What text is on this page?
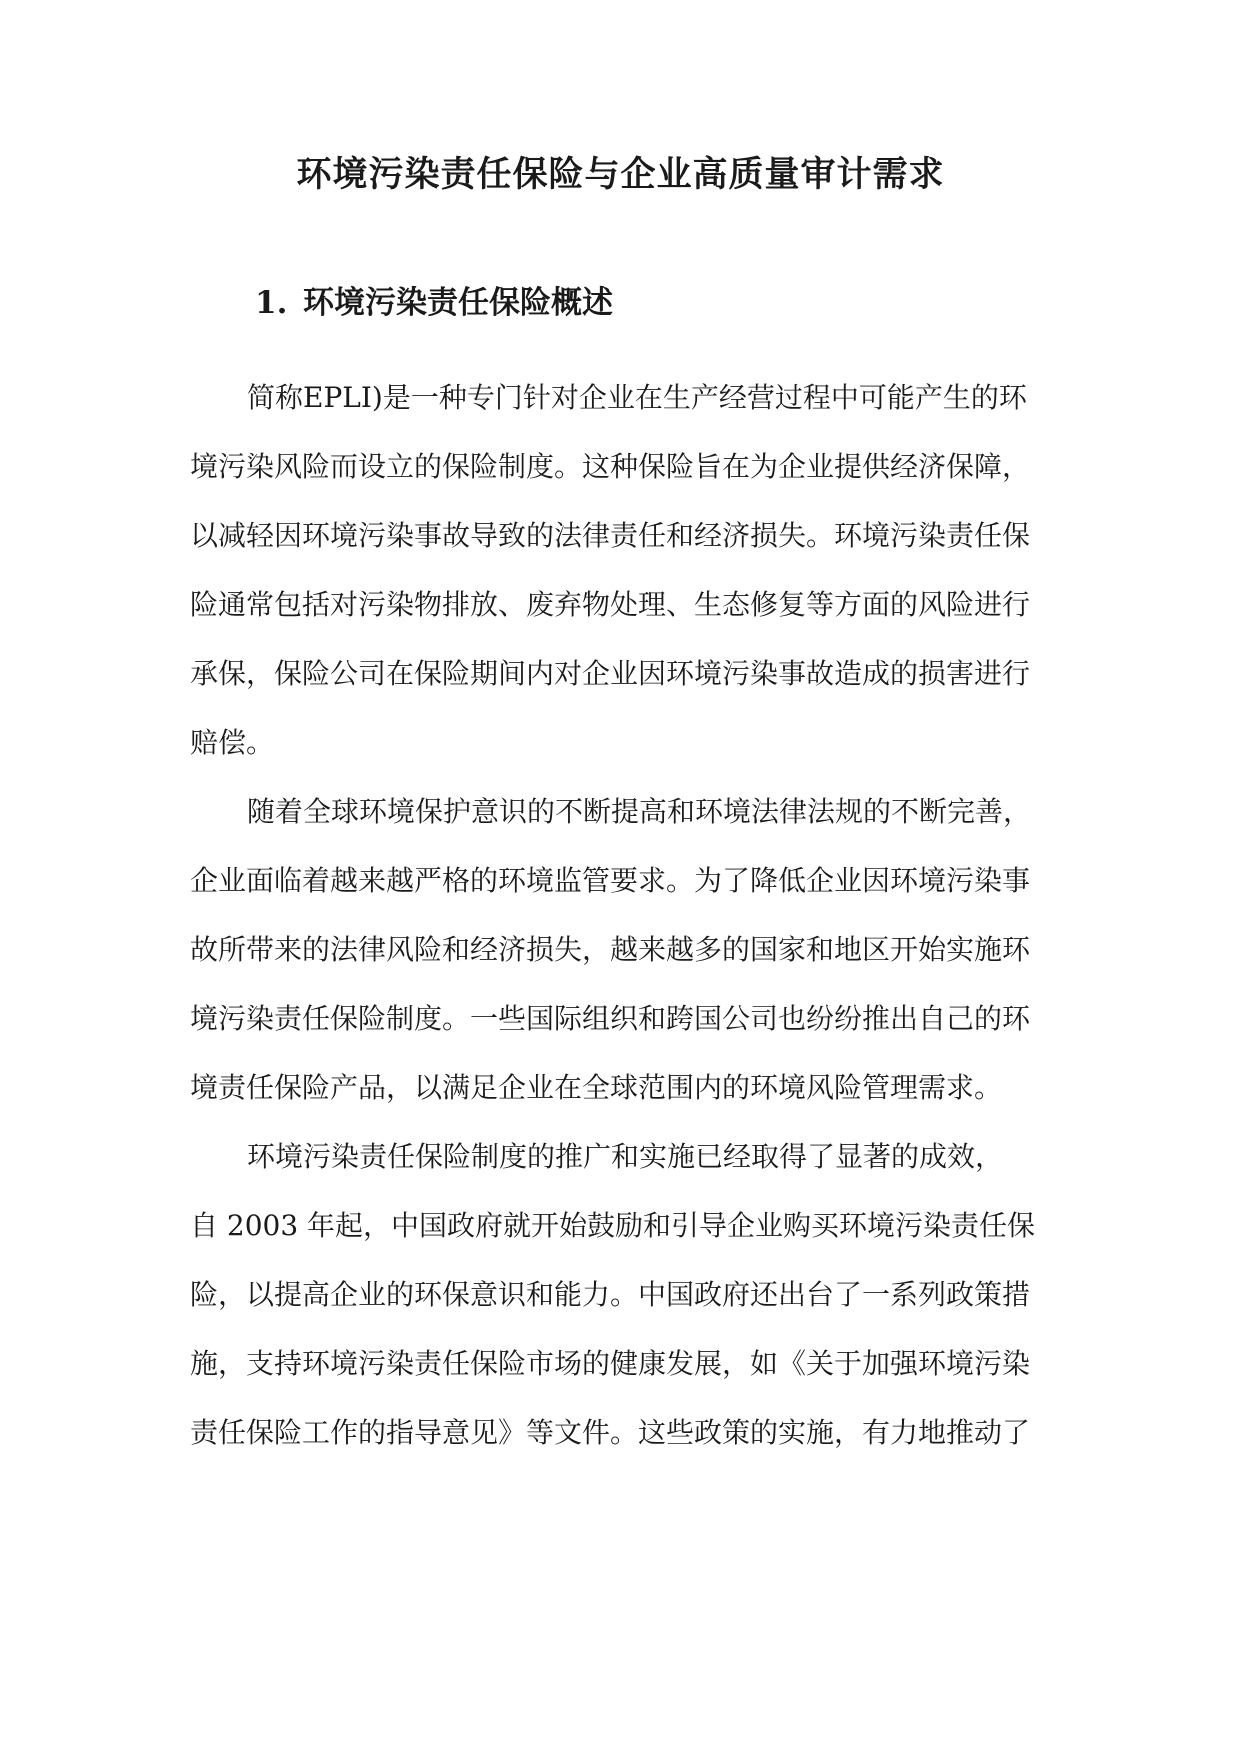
环境污染责任保险与企业高质量审计需求
1. 环境污染责任保险概述
简称EPLI)是一种专门针对企业在生产经营过程中可能产生的环
境污染风险而设立的保险制度。这种保险旨在为企业提供经济保障，
以减轻因环境污染事故导致的法律责任和经济损失。环境污染责任保
险通常包括对污染物排放、废弃物处理、生态修复等方面的风险进行
承保，保险公司在保险期间内对企业因环境污染事故造成的损害进行
赔偿。
随着全球环境保护意识的不断提高和环境法律法规的不断完善，
企业面临着越来越严格的环境监管要求。为了降低企业因环境污染事
故所带来的法律风险和经济损失，越来越多的国家和地区开始实施环
境污染责任保险制度。一些国际组织和跨国公司也纷纷推出自己的环
境责任保险产品，以满足企业在全球范围内的环境风险管理需求。
环境污染责任保险制度的推广和实施已经取得了显著的成效，
自 2003 年起，中国政府就开始鼓励和引导企业购买环境污染责任保
险，以提高企业的环保意识和能力。中国政府还出台了一系列政策措
施，支持环境污染责任保险市场的健康发展，如《关于加强环境污染
责任保险工作的指导意见》等文件。这些政策的实施，有力地推动了
